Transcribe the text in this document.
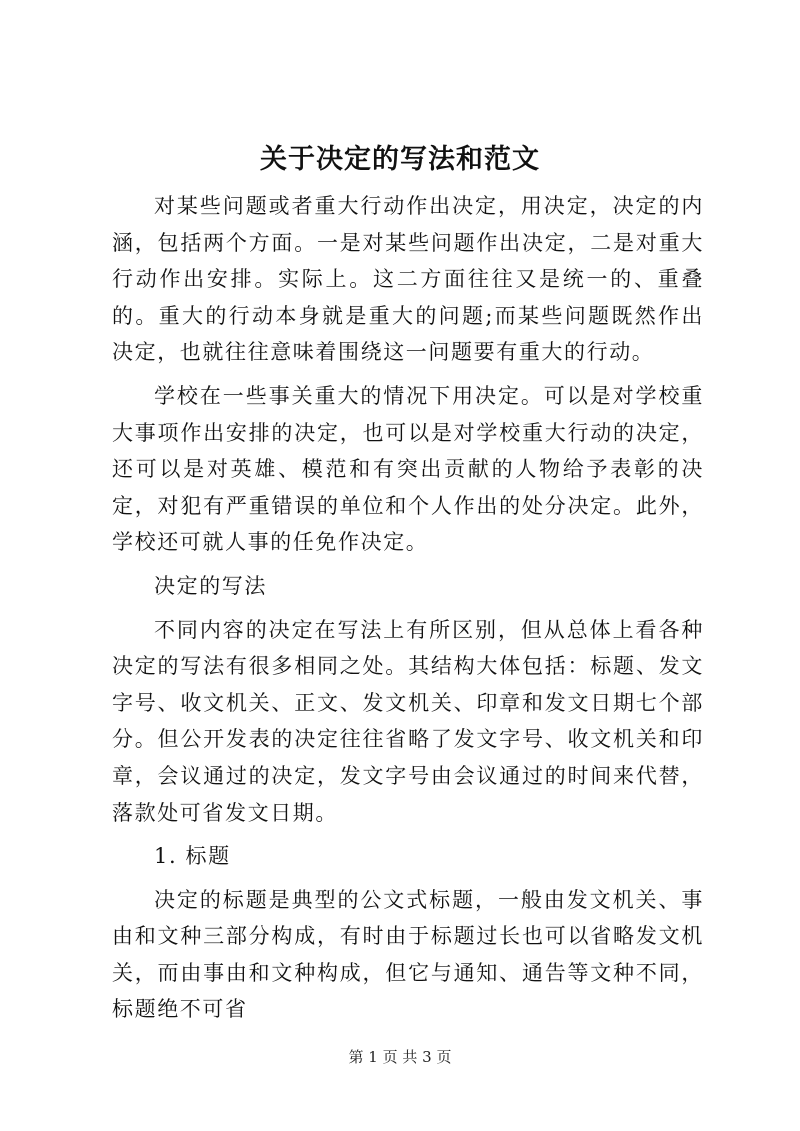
关于决定的写法和范文

对某些问题或者重大行动作出决定，用决定，决定的内涵，包括两个方面。一是对某些问题作出决定，二是对重大行动作出安排。实际上。这二方面往往又是统一的、重叠的。重大的行动本身就是重大的问题;而某些问题既然作出决定，也就往往意味着围绕这一问题要有重大的行动。

学校在一些事关重大的情况下用决定。可以是对学校重大事项作出安排的决定，也可以是对学校重大行动的决定，还可以是对英雄、模范和有突出贡献的人物给予表彰的决定，对犯有严重错误的单位和个人作出的处分决定。此外，学校还可就人事的任免作决定。

决定的写法

不同内容的决定在写法上有所区别，但从总体上看各种决定的写法有很多相同之处。其结构大体包括：标题、发文字号、收文机关、正文、发文机关、印章和发文日期七个部分。但公开发表的决定往往省略了发文字号、收文机关和印章，会议通过的决定，发文字号由会议通过的时间来代替，落款处可省发文日期。

1. 标题

决定的标题是典型的公文式标题，一般由发文机关、事由和文种三部分构成，有时由于标题过长也可以省略发文机关，而由事由和文种构成，但它与通知、通告等文种不同，标题绝不可省

第 1 页 共 3 页
